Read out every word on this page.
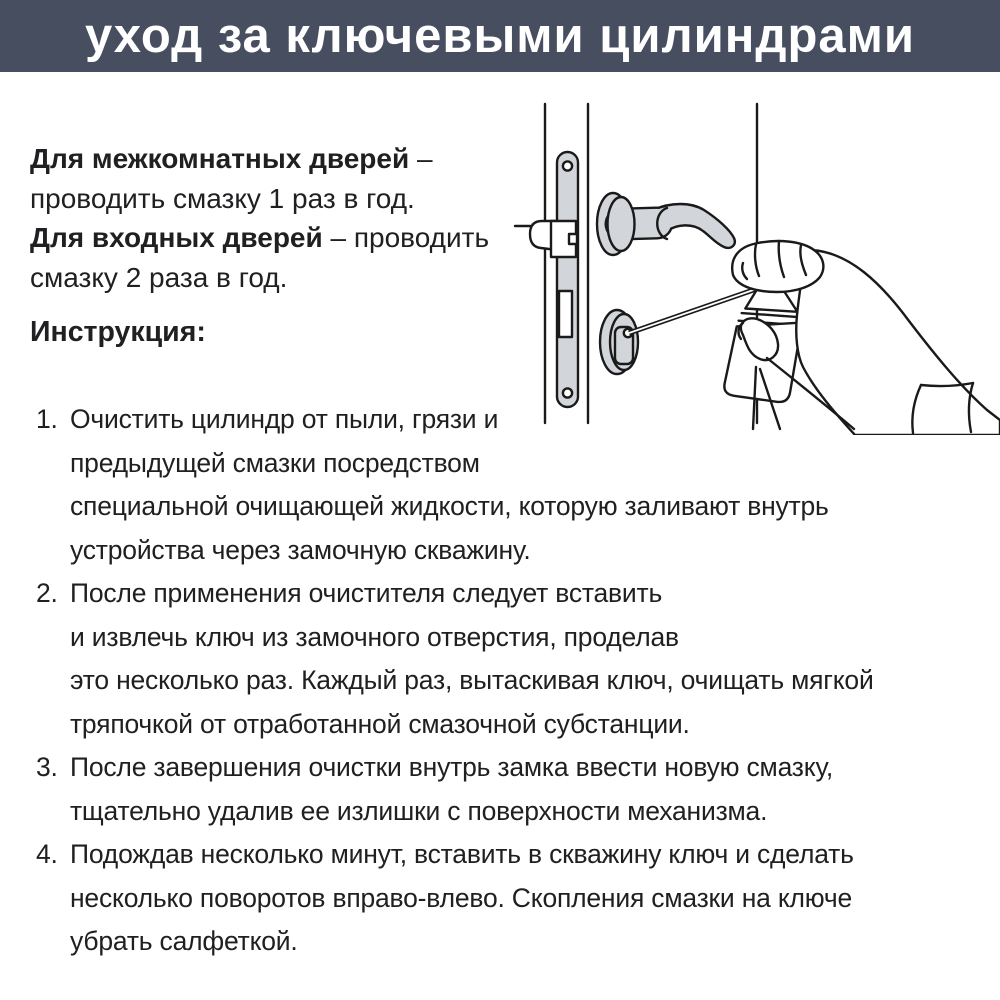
уход за ключевыми цилиндрами

Для межкомнатных дверей –
проводить смазку 1 раз в год.
Для входных дверей – проводить
смазку 2 раза в год.

Инструкция:
1. Очистить цилиндр от пыли, грязи и
предыдущей смазки посредством
специальной очищающей жидкости, которую заливают внутрь
устройства через замочную скважину.
2. После применения очистителя следует вставить
и извлечь ключ из замочного отверстия, проделав
это несколько раз. Каждый раз, вытаскивая ключ, очищать мягкой
тряпочкой от отработанной смазочной субстанции.
3. После завершения очистки внутрь замка ввести новую смазку,
тщательно удалив ее излишки с поверхности механизма.
4. Подождав несколько минут, вставить в скважину ключ и сделать
несколько поворотов вправо-влево. Скопления смазки на ключе
убрать салфеткой.
